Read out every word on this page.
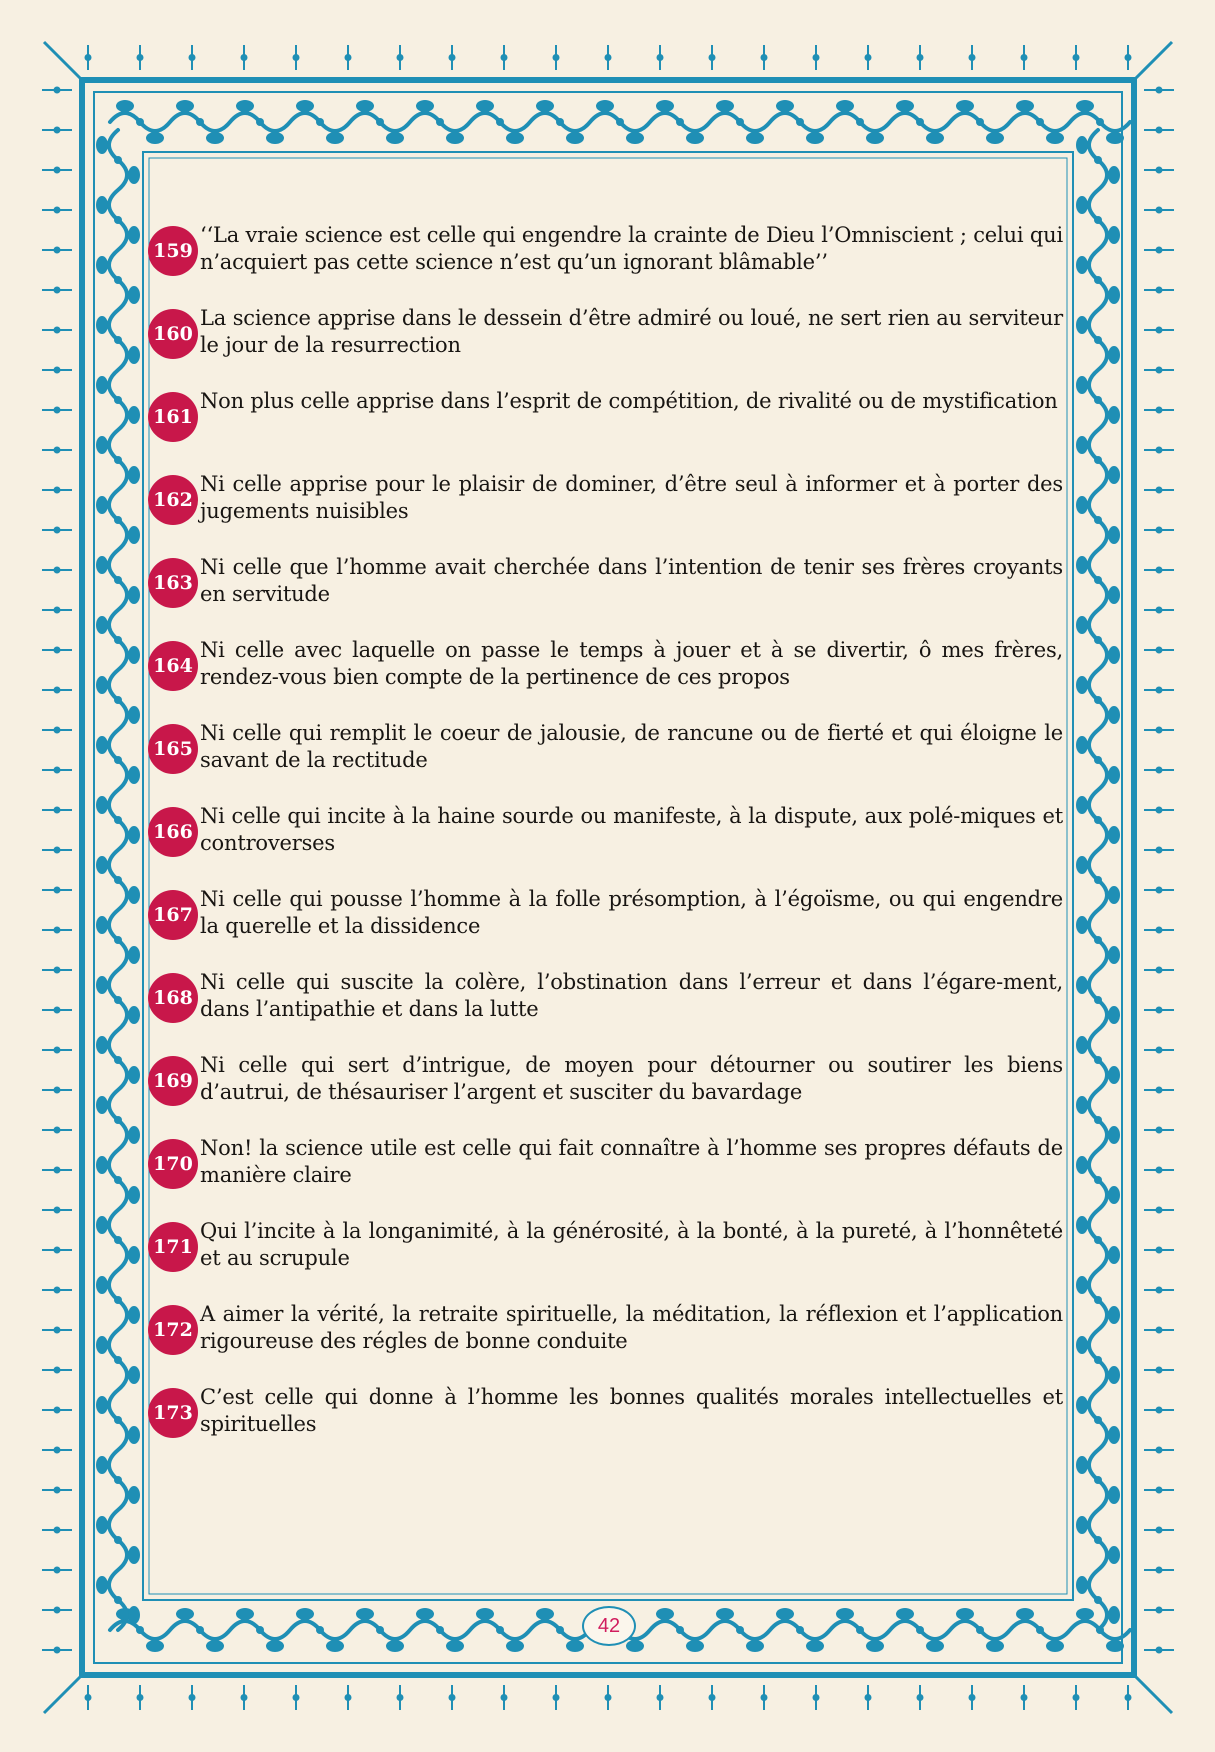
159
‘‘La vraie science est celle qui engendre la crainte de Dieu l’Omniscient ; celui qui n’acquiert pas cette science n’est qu’un ignorant blâmable’’
160
La science apprise dans le dessein d’être admiré ou loué, ne sert rien au serviteur le jour de la resurrection
161
Non plus celle apprise dans l’esprit de compétition, de rivalité ou de mystification
162
Ni celle apprise pour le plaisir de dominer, d’être seul à informer et à porter des jugements nuisibles
163
Ni celle que l’homme avait cherchée dans l’intention de tenir ses frères croyants en servitude
164
Ni celle avec laquelle on passe le temps à jouer et à se divertir, ô mes frères, rendez-vous bien compte de la pertinence de ces propos
165
Ni celle qui remplit le coeur de jalousie, de rancune ou de fierté et qui éloigne le savant de la rectitude
166
Ni celle qui incite à la haine sourde ou manifeste, à la dispute, aux polé-miques et controverses
167
Ni celle qui pousse l’homme à la folle présomption, à l’égoïsme, ou qui engendre la querelle et la dissidence
168
Ni celle qui suscite la colère, l’obstination dans l’erreur et dans l’égare-ment, dans l’antipathie et dans la lutte
169
Ni celle qui sert d’intrigue, de moyen pour détourner ou soutirer les biens d’autrui, de thésauriser l’argent et susciter du bavardage
170
Non! la science utile est celle qui fait connaître à l’homme ses propres défauts de manière claire
171
Qui l’incite à la longanimité, à la générosité, à la bonté, à la pureté, à l’honnêteté et au scrupule
172
A aimer la vérité, la retraite spirituelle, la méditation, la réflexion et l’application rigoureuse des régles de bonne conduite
173
C’est celle qui donne à l’homme les bonnes qualités morales intellectuelles et spirituelles
42
